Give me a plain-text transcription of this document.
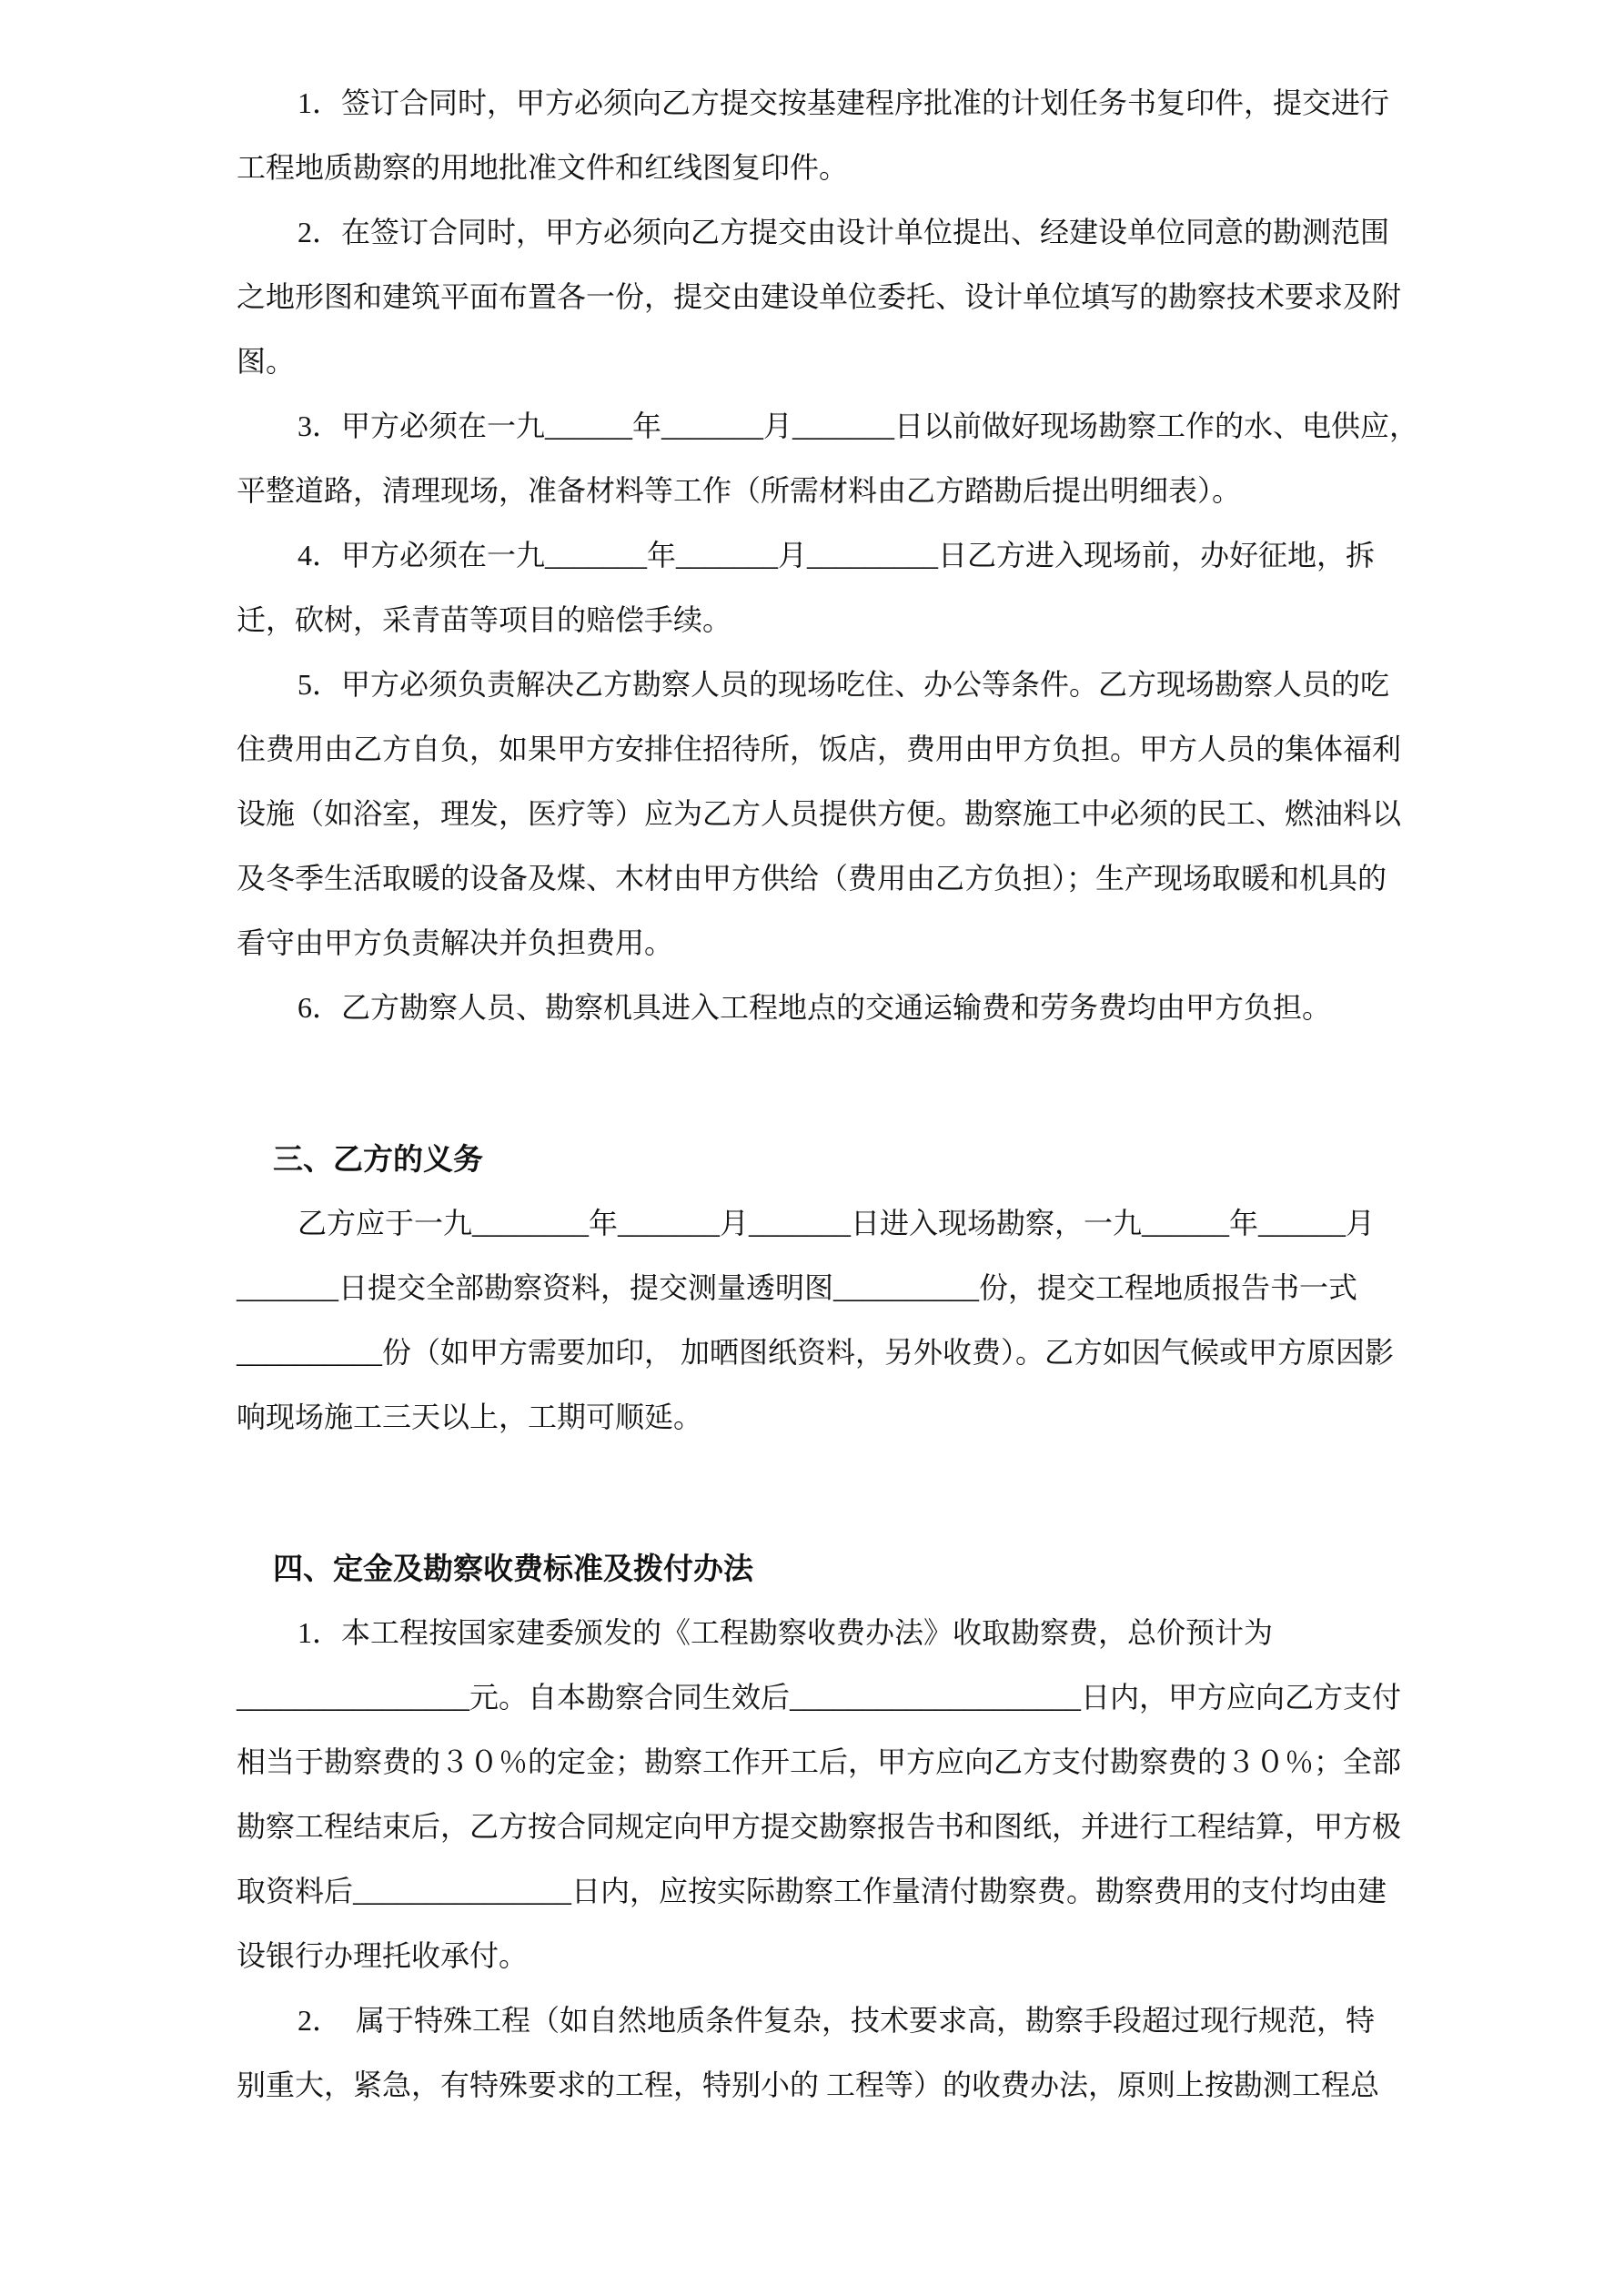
1．签订合同时，甲方必须向乙方提交按基建程序批准的计划任务书复印件，提交进行
工程地质勘察的用地批准文件和红线图复印件。
2．在签订合同时，甲方必须向乙方提交由设计单位提出、经建设单位同意的勘测范围
之地形图和建筑平面布置各一份，提交由建设单位委托、设计单位填写的勘察技术要求及附
图。
3．甲方必须在一九______年_______月_______日以前做好现场勘察工作的水、电供应，
平整道路，清理现场，准备材料等工作（所需材料由乙方踏勘后提出明细表）。
4．甲方必须在一九_______年_______月_________日乙方进入现场前，办好征地，拆
迁，砍树，采青苗等项目的赔偿手续。
5．甲方必须负责解决乙方勘察人员的现场吃住、办公等条件。乙方现场勘察人员的吃
住费用由乙方自负，如果甲方安排住招待所，饭店，费用由甲方负担。甲方人员的集体福利
设施（如浴室，理发，医疗等）应为乙方人员提供方便。勘察施工中必须的民工、燃油料以
及冬季生活取暖的设备及煤、木材由甲方供给（费用由乙方负担）；生产现场取暖和机具的
看守由甲方负责解决并负担费用。
6．乙方勘察人员、勘察机具进入工程地点的交通运输费和劳务费均由甲方负担。
三、乙方的义务
乙方应于一九________年_______月_______日进入现场勘察，一九______年______月
_______日提交全部勘察资料，提交测量透明图__________份，提交工程地质报告书一式
__________份（如甲方需要加印， 加晒图纸资料，另外收费）。乙方如因气候或甲方原因影
响现场施工三天以上，工期可顺延。
四、定金及勘察收费标准及拨付办法
1．本工程按国家建委颁发的《工程勘察收费办法》收取勘察费，总价预计为
________________元。自本勘察合同生效后____________________日内，甲方应向乙方支付
相当于勘察费的３０％的定金；勘察工作开工后，甲方应向乙方支付勘察费的３０％；全部
勘察工程结束后，乙方按合同规定向甲方提交勘察报告书和图纸，并进行工程结算，甲方极
取资料后_______________日内，应按实际勘察工作量清付勘察费。勘察费用的支付均由建
设银行办理托收承付。
2．　属于特殊工程（如自然地质条件复杂，技术要求高，勘察手段超过现行规范，特
别重大，紧急，有特殊要求的工程，特别小的 工程等）的收费办法，原则上按勘测工程总
